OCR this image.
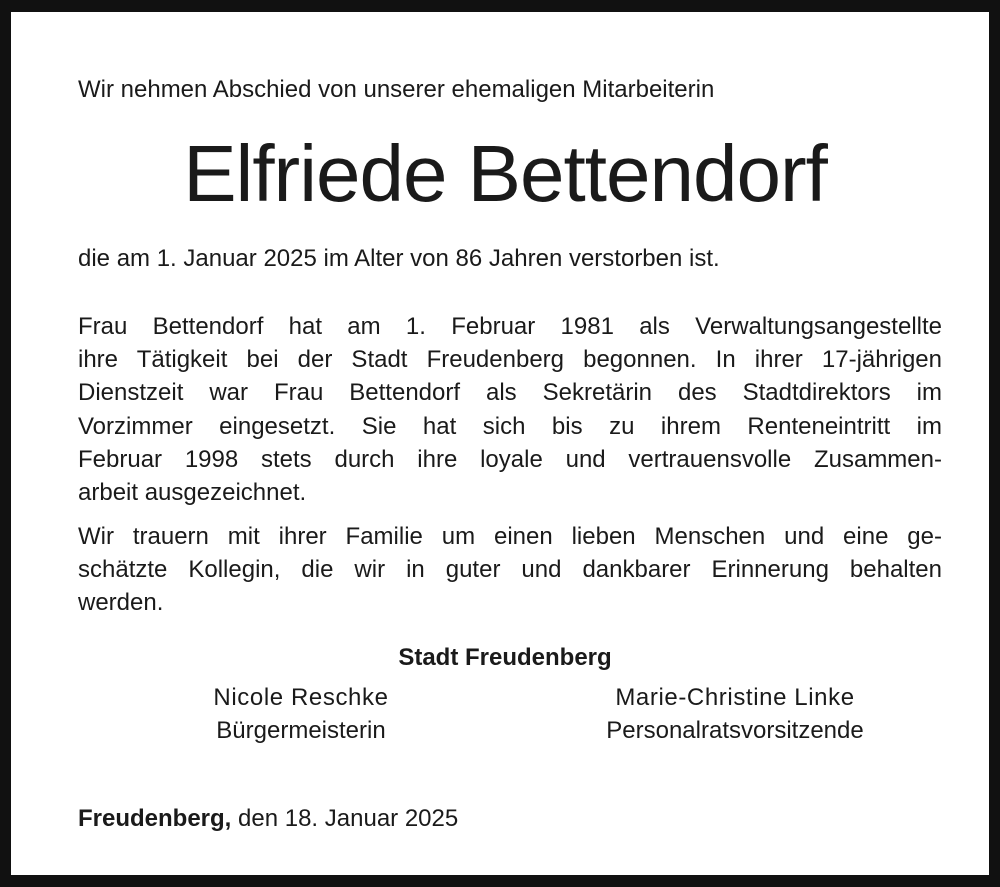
Wir nehmen Abschied von unserer ehemaligen Mitarbeiterin
Elfriede Bettendorf
die am 1. Januar 2025 im Alter von 86 Jahren verstorben ist.
Frau Bettendorf hat am 1. Februar 1981 als Verwaltungsangestellte
ihre Tätigkeit bei der Stadt Freudenberg begonnen. In ihrer 17-jährigen
Dienstzeit war Frau Bettendorf als Sekretärin des Stadtdirektors im
Vorzimmer eingesetzt. Sie hat sich bis zu ihrem Renteneintritt im
Februar 1998 stets durch ihre loyale und vertrauensvolle Zusammen-
arbeit ausgezeichnet.
Wir trauern mit ihrer Familie um einen lieben Menschen und eine ge-
schätzte Kollegin, die wir in guter und dankbarer Erinnerung behalten
werden.
Stadt Freudenberg
Nicole Reschke
Bürgermeisterin
Marie-Christine Linke
Personalratsvorsitzende
Freudenberg, den 18. Januar 2025
